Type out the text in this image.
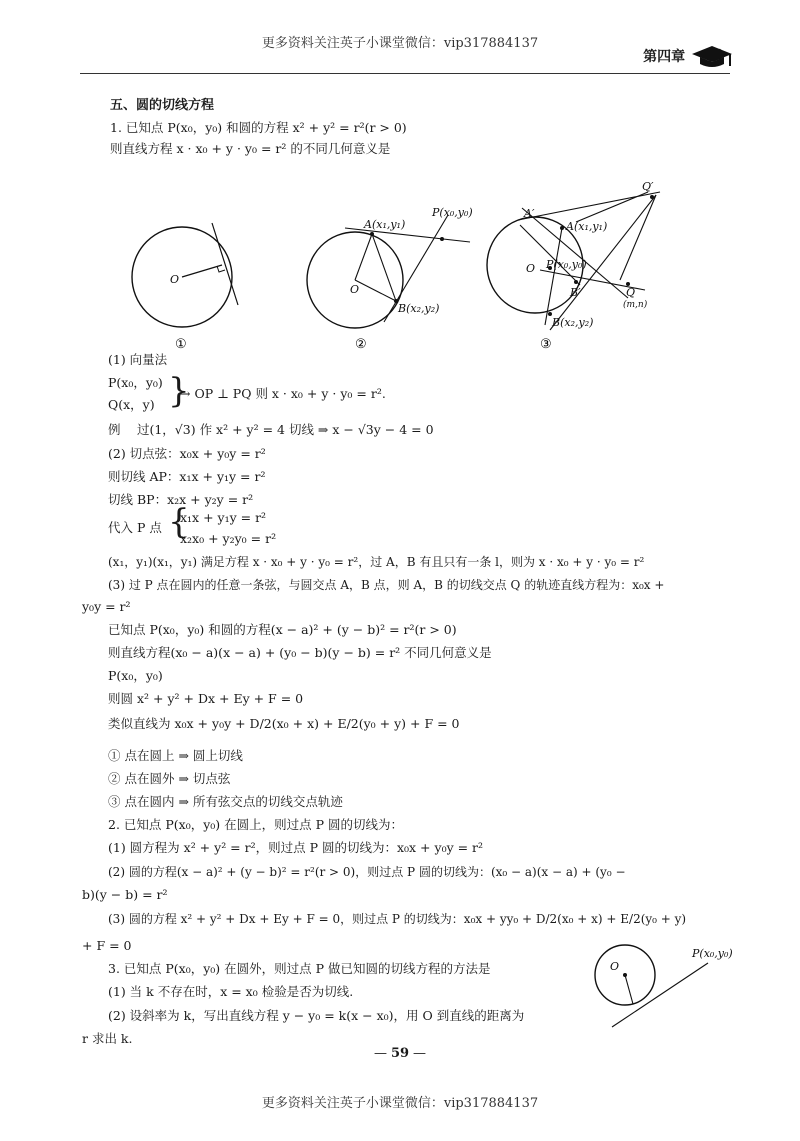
更多资料关注英子小课堂微信：vip317884137
第四章
五、圆的切线方程
1. 已知点 P(x₀，y₀) 和圆的方程 x² + y² = r²(r > 0)
则直线方程 x · x₀ + y · y₀ = r² 的不同几何意义是
O
①
O
A(x₁,y₁)
B(x₂,y₂)
P(x₀,y₀)
②
O
A′
A(x₁,y₁)
P(x₀,y₀)
B′
B(x₂,y₂)
Q
(m,n)
Q′
③
(1) 向量法
P(x₀，y₀)
Q(x，y) }
→ OP ⊥ PQ 则 x · x₀ + y · y₀ = r².
例　 过(1，√3) 作 x² + y² = 4 切线 ⇒ x − √3y − 4 = 0
(2) 切点弦：x₀x + y₀y = r²
则切线 AP：x₁x + y₁y = r²
切线 BP：x₂x + y₂y = r²
代入 P 点 {
x₁x + y₁y = r²
x₂x₀ + y₂y₀ = r²
(x₁，y₁)(x₁，y₁) 满足方程 x · x₀ + y · y₀ = r²，过 A，B 有且只有一条 l，则为 x · x₀ + y · y₀ = r²
(3) 过 P 点在圆内的任意一条弦，与圆交点 A，B 点，则 A，B 的切线交点 Q 的轨迹直线方程为：x₀x +
y₀y = r²
已知点 P(x₀，y₀) 和圆的方程(x − a)² + (y − b)² = r²(r > 0)
则直线方程(x₀ − a)(x − a) + (y₀ − b)(y − b) = r² 不同几何意义是
P(x₀，y₀)
则圆 x² + y² + Dx + Ey + F = 0
类似直线为 x₀x + y₀y + D/2(x₀ + x) + E/2(y₀ + y) + F = 0
① 点在圆上 ⇒ 圆上切线
② 点在圆外 ⇒ 切点弦
③ 点在圆内 ⇒ 所有弦交点的切线交点轨迹
2. 已知点 P(x₀，y₀) 在圆上，则过点 P 圆的切线为：
(1) 圆方程为 x² + y² = r²，则过点 P 圆的切线为：x₀x + y₀y = r²
(2) 圆的方程(x − a)² + (y − b)² = r²(r > 0)，则过点 P 圆的切线为：(x₀ − a)(x − a) + (y₀ −
b)(y − b) = r²
(3) 圆的方程 x² + y² + Dx + Ey + F = 0，则过点 P 的切线为：x₀x + yy₀ + D/2(x₀ + x) + E/2(y₀ + y)
+ F = 0
3. 已知点 P(x₀，y₀) 在圆外，则过点 P 做已知圆的切线方程的方法是
(1) 当 k 不存在时，x = x₀ 检验是否为切线.
(2) 设斜率为 k，写出直线方程 y − y₀ = k(x − x₀)，用 O 到直线的距离为
r 求出 k.
O
P(x₀,y₀)
— 59 —
更多资料关注英子小课堂微信：vip317884137
